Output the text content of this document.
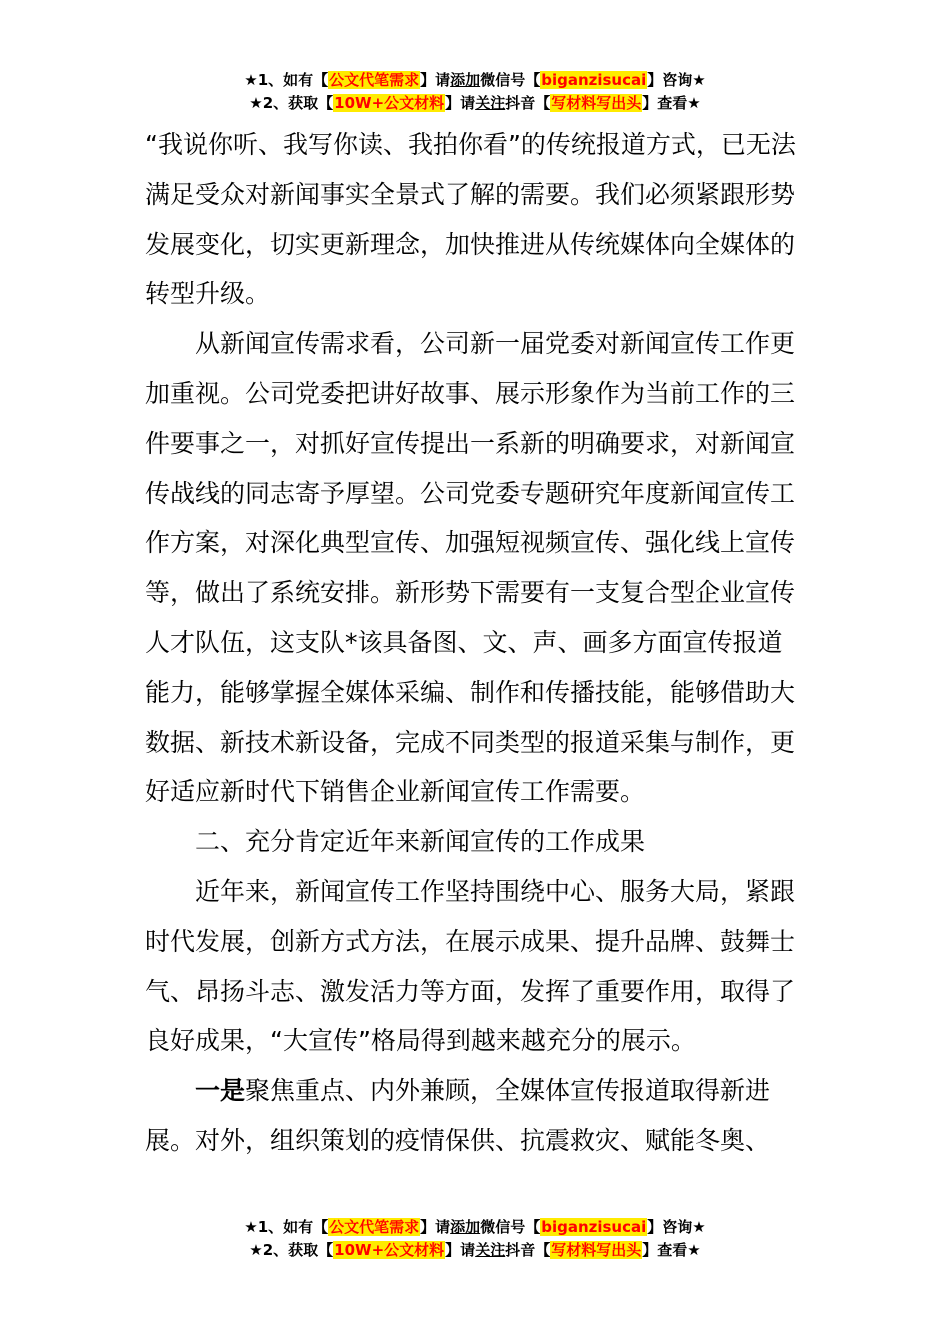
★1、如有【公文代笔需求】请添加微信号【biganzisucai】咨询★
★2、获取【10W+公文材料】请关注抖音【写材料写出头】查看★

“我说你听、我写你读、我拍你看”的传统报道方式，已无法满足受众对新闻事实全景式了解的需要。我们必须紧跟形势发展变化，切实更新理念，加快推进从传统媒体向全媒体的转型升级。

从新闻宣传需求看，公司新一届党委对新闻宣传工作更加重视。公司党委把讲好故事、展示形象作为当前工作的三件要事之一，对抓好宣传提出一系新的明确要求，对新闻宣传战线的同志寄予厚望。公司党委专题研究年度新闻宣传工作方案，对深化典型宣传、加强短视频宣传、强化线上宣传等，做出了系统安排。新形势下需要有一支复合型企业宣传人才队伍，这支队*该具备图、文、声、画多方面宣传报道能力，能够掌握全媒体采编、制作和传播技能，能够借助大数据、新技术新设备，完成不同类型的报道采集与制作，更好适应新时代下销售企业新闻宣传工作需要。

二、充分肯定近年来新闻宣传的工作成果

近年来，新闻宣传工作坚持围绕中心、服务大局，紧跟时代发展，创新方式方法，在展示成果、提升品牌、鼓舞士气、昂扬斗志、激发活力等方面，发挥了重要作用，取得了良好成果，“大宣传”格局得到越来越充分的展示。

一是聚焦重点、内外兼顾，全媒体宣传报道取得新进展。对外，组织策划的疫情保供、抗震救灾、赋能冬奥、

★1、如有【公文代笔需求】请添加微信号【biganzisucai】咨询★
★2、获取【10W+公文材料】请关注抖音【写材料写出头】查看★
